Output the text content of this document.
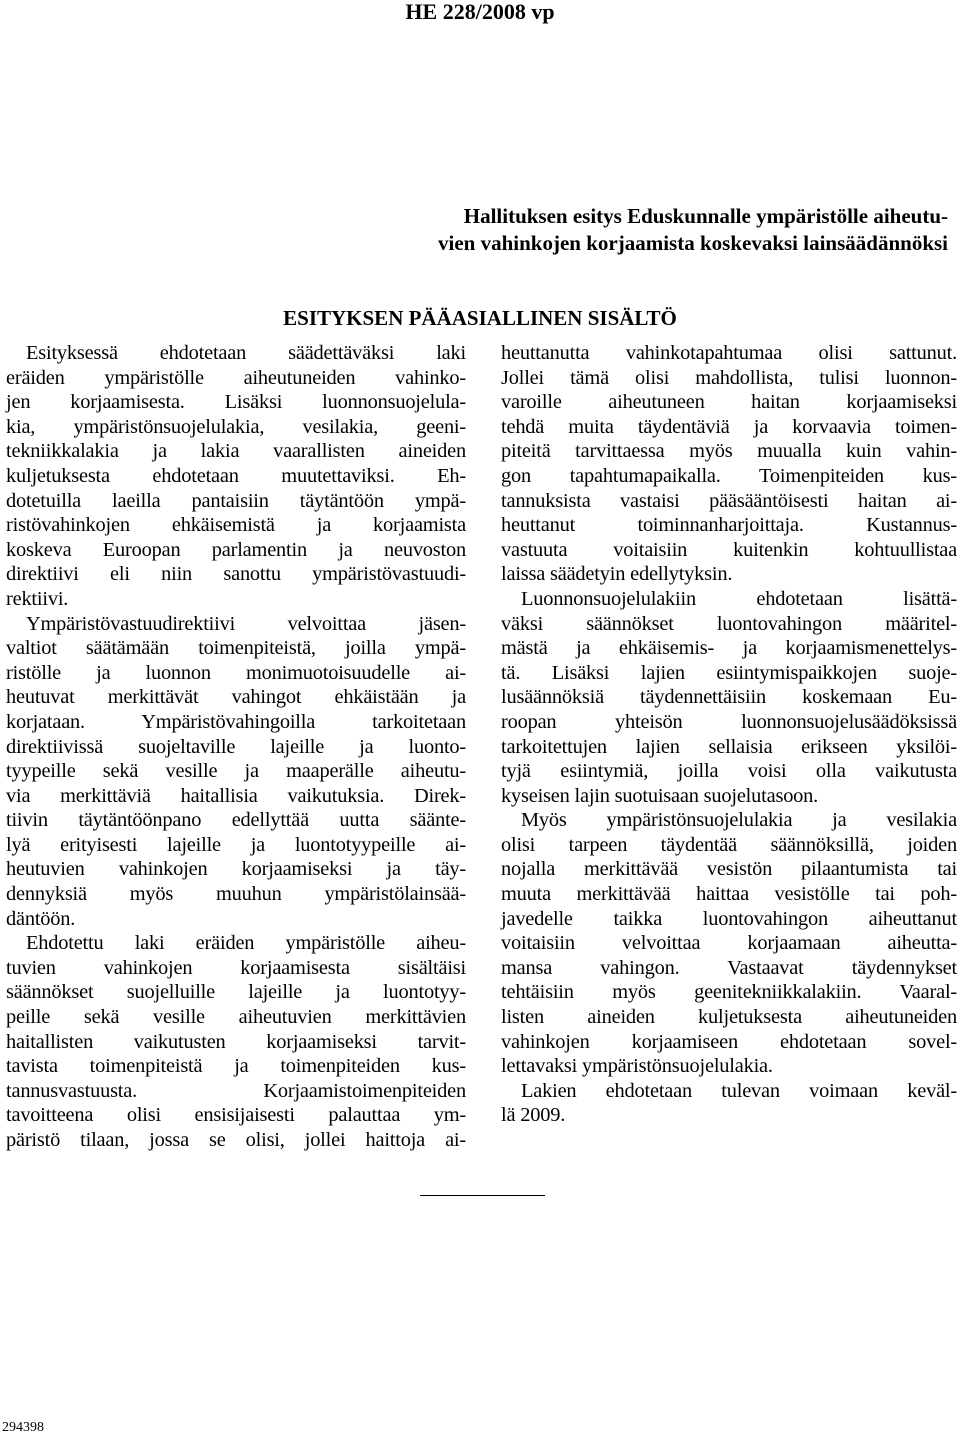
HE 228/2008 vp
Hallituksen esitys Eduskunnalle ympäristölle aiheutu-
vien vahinkojen korjaamista koskevaksi lainsäädännöksi
ESITYKSEN PÄÄASIALLINEN SISÄLTÖ
Esityksessä ehdotetaan säädettäväksi laki
eräiden ympäristölle aiheutuneiden vahinko-
jen korjaamisesta. Lisäksi luonnonsuojelula-
kia, ympäristönsuojelulakia, vesilakia, geeni-
tekniikkalakia ja lakia vaarallisten aineiden
kuljetuksesta ehdotetaan muutettaviksi. Eh-
dotetuilla laeilla pantaisiin täytäntöön ympä-
ristövahinkojen ehkäisemistä ja korjaamista
koskeva Euroopan parlamentin ja neuvoston
direktiivi eli niin sanottu ympäristövastuudi-
rektiivi.
Ympäristövastuudirektiivi velvoittaa jäsen-
valtiot säätämään toimenpiteistä, joilla ympä-
ristölle ja luonnon monimuotoisuudelle ai-
heutuvat merkittävät vahingot ehkäistään ja
korjataan. Ympäristövahingoilla tarkoitetaan
direktiivissä suojeltaville lajeille ja luonto-
tyypeille sekä vesille ja maaperälle aiheutu-
via merkittäviä haitallisia vaikutuksia. Direk-
tiivin täytäntöönpano edellyttää uutta säänte-
lyä erityisesti lajeille ja luontotyypeille ai-
heutuvien vahinkojen korjaamiseksi ja täy-
dennyksiä myös muuhun ympäristölainsää-
däntöön.
Ehdotettu laki eräiden ympäristölle aiheu-
tuvien vahinkojen korjaamisesta sisältäisi
säännökset suojelluille lajeille ja luontotyy-
peille sekä vesille aiheutuvien merkittävien
haitallisten vaikutusten korjaamiseksi tarvit-
tavista toimenpiteistä ja toimenpiteiden kus-
tannusvastuusta. Korjaamistoimenpiteiden
tavoitteena olisi ensisijaisesti palauttaa ym-
päristö tilaan, jossa se olisi, jollei haittoja ai-
heuttanutta vahinkotapahtumaa olisi sattunut.
Jollei tämä olisi mahdollista, tulisi luonnon-
varoille aiheutuneen haitan korjaamiseksi
tehdä muita täydentäviä ja korvaavia toimen-
piteitä tarvittaessa myös muualla kuin vahin-
gon tapahtumapaikalla. Toimenpiteiden kus-
tannuksista vastaisi pääsääntöisesti haitan ai-
heuttanut toiminnanharjoittaja. Kustannus-
vastuuta voitaisiin kuitenkin kohtuullistaa
laissa säädetyin edellytyksin.
Luonnonsuojelulakiin ehdotetaan lisättä-
väksi säännökset luontovahingon määritel-
mästä ja ehkäisemis- ja korjaamismenettelys-
tä. Lisäksi lajien esiintymispaikkojen suoje-
lusäännöksiä täydennettäisiin koskemaan Eu-
roopan yhteisön luonnonsuojelusäädöksissä
tarkoitettujen lajien sellaisia erikseen yksilöi-
tyjä esiintymiä, joilla voisi olla vaikutusta
kyseisen lajin suotuisaan suojelutasoon.
Myös ympäristönsuojelulakia ja vesilakia
olisi tarpeen täydentää säännöksillä, joiden
nojalla merkittävää vesistön pilaantumista tai
muuta merkittävää haittaa vesistölle tai poh-
javedelle taikka luontovahingon aiheuttanut
voitaisiin velvoittaa korjaamaan aiheutta-
mansa vahingon. Vastaavat täydennykset
tehtäisiin myös geenitekniikkalakiin. Vaaral-
listen aineiden kuljetuksesta aiheutuneiden
vahinkojen korjaamiseen ehdotetaan sovel-
lettavaksi ympäristönsuojelulakia.
Lakien ehdotetaan tulevan voimaan keväl-
lä 2009.
294398
